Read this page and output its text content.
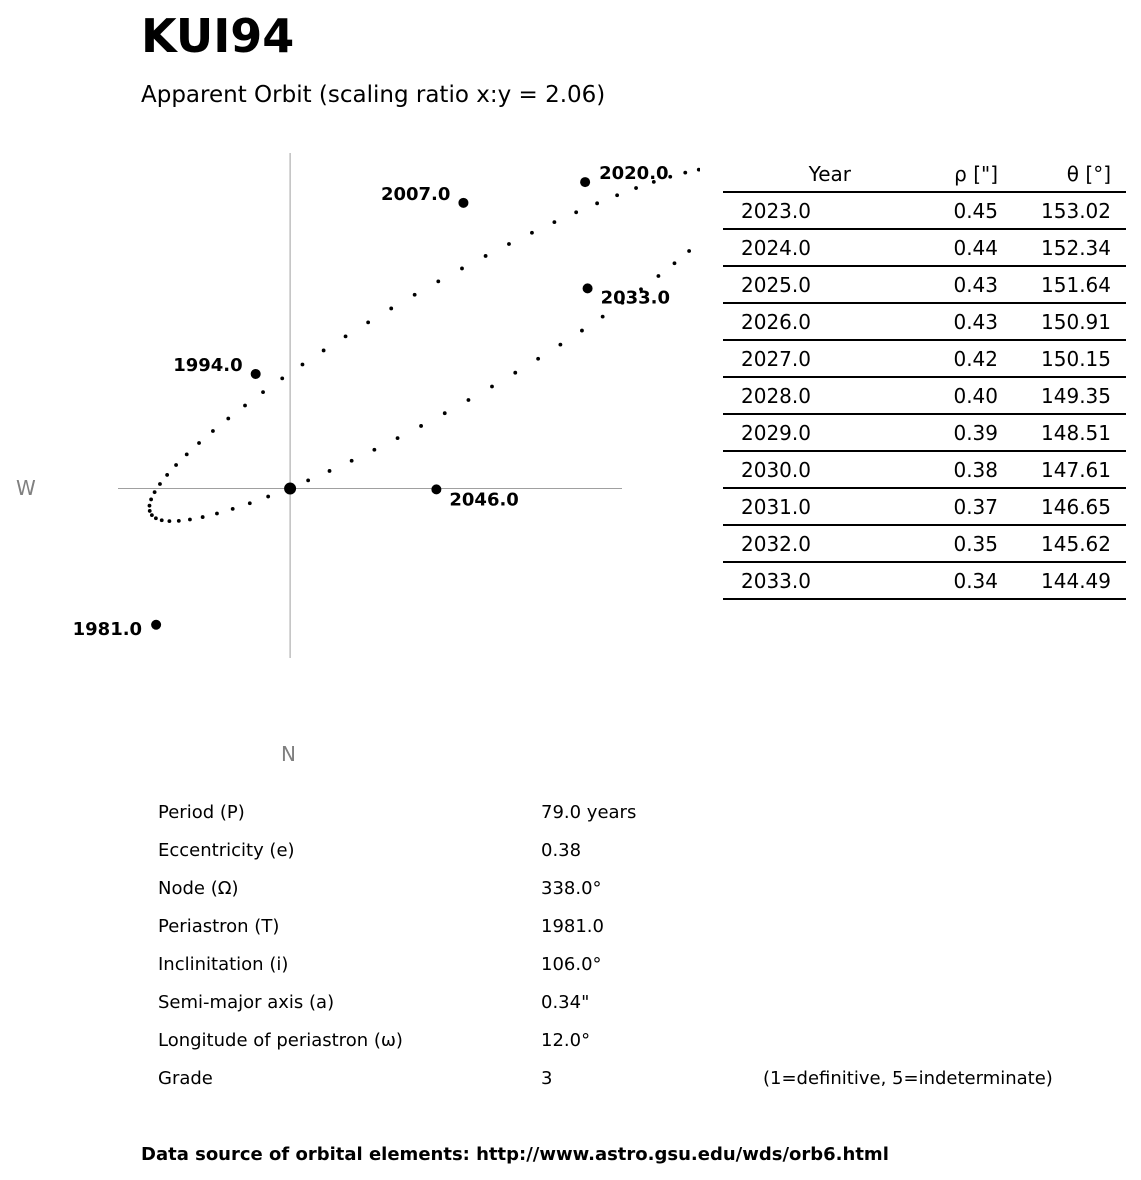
KUI94
Apparent Orbit (scaling ratio x:y = 2.06)
1981.0
1994.0
2007.0
2020.0
2033.0
2046.0
W
N
Year	ρ ["]	θ [°]
2023.0	0.45	153.02
2024.0	0.44	152.34
2025.0	0.43	151.64
2026.0	0.43	150.91
2027.0	0.42	150.15
2028.0	0.40	149.35
2029.0	0.39	148.51
2030.0	0.38	147.61
2031.0	0.37	146.65
2032.0	0.35	145.62
2033.0	0.34	144.49
Period (P)	79.0 years
Eccentricity (e)	0.38
Node (Ω)	338.0°
Periastron (T)	1981.0
Inclinitation (i)	106.0°
Semi-major axis (a)	0.34"
Longitude of periastron (ω)	12.0°
Grade	3	(1=definitive, 5=indeterminate)
Data source of orbital elements: http://www.astro.gsu.edu/wds/orb6.html
